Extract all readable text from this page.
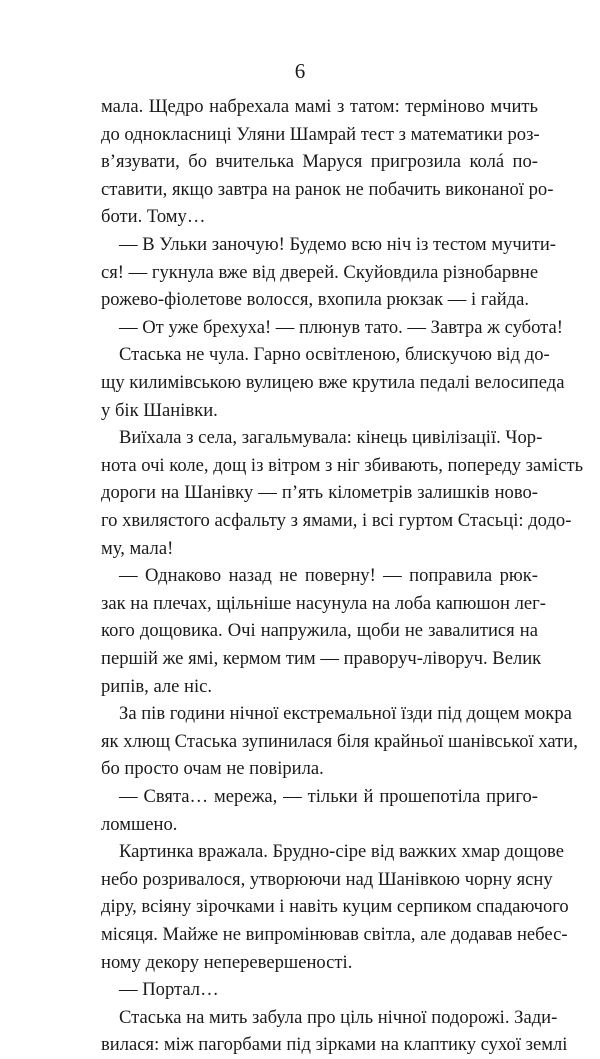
6
мала. Щедро набрехала мамі з татом: терміново мчить
до однокласниці Уляни Шамрай тест з математики роз-
в’язувати, бо вчителька Маруся пригрозила колá по-
ставити, якщо завтра на ранок не побачить виконаної ро-
боти. Тому…
— В Ульки заночую! Будемо всю ніч із тестом мучити-
ся! — гукнула вже від дверей. Скуйовдила різнобарвне
рожево-фіолетове волосся, вхопила рюкзак — і гайда.
— От уже брехуха! — плюнув тато. — Завтра ж субота!
Стаська не чула. Гарно освітленою, блискучою від до-
щу килимівською вулицею вже крутила педалі велосипеда
у бік Шанівки.
Виїхала з села, загальмувала: кінець цивілізації. Чор-
нота очі коле, дощ із вітром з ніг збивають, попереду замість
дороги на Шанівку — п’ять кілометрів залишків ново-
го хвилястого асфальту з ямами, і всі гуртом Стасьці: додо-
му, мала!
— Однаково назад не поверну! — поправила рюк-
зак на плечах, щільніше насунула на лоба капюшон лег-
кого дощовика. Очі напружила, щоби не завалитися на
першій же ямі, кермом тим — праворуч-ліворуч. Велик
рипів, але ніс.
За пів години нічної екстремальної їзди під дощем мокра
як хлющ Стаська зупинилася біля крайньої шанівської хати,
бо просто очам не повірила.
— Свята… мережа, — тільки й прошепотіла приго-
ломшено.
Картинка вражала. Брудно-сіре від важких хмар дощове
небо розривалося, утворюючи над Шанівкою чорну ясну
діру, всіяну зірочками і навіть куцим серпиком спадаючого
місяця. Майже не випромінював світла, але додавав небес-
ному декору неперевершеності.
— Портал…
Стаська на мить забула про ціль нічної подорожі. Зади-
вилася: між пагорбами під зірками на клаптику сухої землі
